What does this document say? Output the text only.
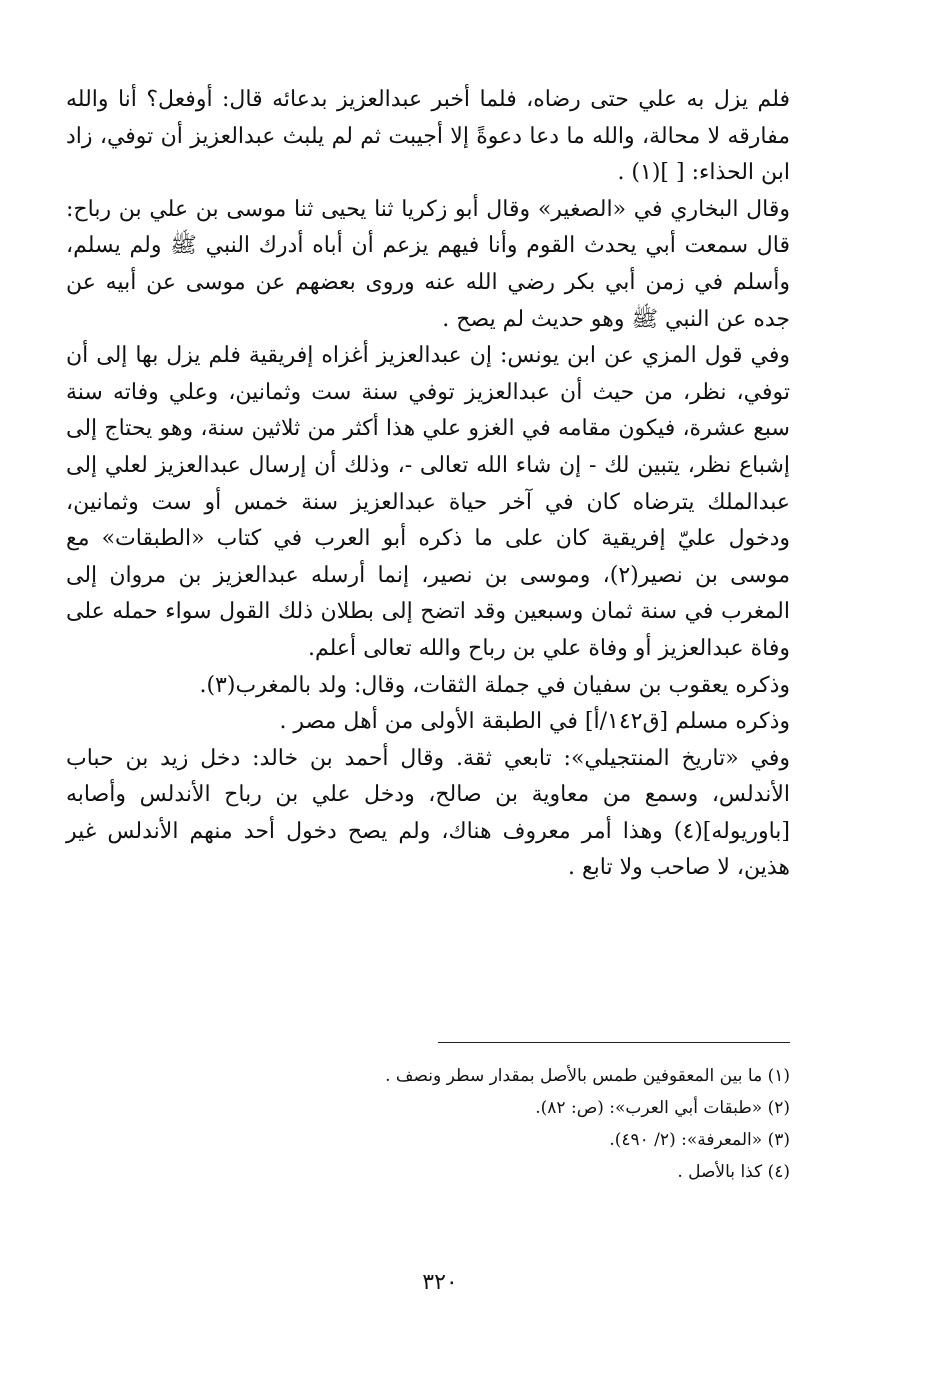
فلم يزل به علي حتى رضاه، فلما أخبر عبدالعزيز بدعائه قال: أوفعل؟ أنا والله مفارقه لا محالة، والله ما دعا دعوةً إلا أجيبت ثم لم يلبث عبدالعزيز أن توفي، زاد ابن الحذاء: [ ](١) .

وقال البخاري في «الصغير» وقال أبو زكريا ثنا يحيى ثنا موسى بن علي بن رباح: قال سمعت أبي يحدث القوم وأنا فيهم يزعم أن أباه أدرك النبي ﷺ ولم يسلم، وأسلم في زمن أبي بكر رضي الله عنه وروى بعضهم عن موسى عن أبيه عن جده عن النبي ﷺ وهو حديث لم يصح .

وفي قول المزي عن ابن يونس: إن عبدالعزيز أغزاه إفريقية فلم يزل بها إلى أن توفي، نظر، من حيث أن عبدالعزيز توفي سنة ست وثمانين، وعلي وفاته سنة سبع عشرة، فيكون مقامه في الغزو علي هذا أكثر من ثلاثين سنة، وهو يحتاج إلى إشباع نظر، يتبين لك - إن شاء الله تعالى -، وذلك أن إرسال عبدالعزيز لعلي إلى عبدالملك يترضاه كان في آخر حياة عبدالعزيز سنة خمس أو ست وثمانين، ودخول عليّ إفريقية كان على ما ذكره أبو العرب في كتاب «الطبقات» مع موسى بن نصير(٢)، وموسى بن نصير، إنما أرسله عبدالعزيز بن مروان إلى المغرب في سنة ثمان وسبعين وقد اتضح إلى بطلان ذلك القول سواء حمله على وفاة عبدالعزيز أو وفاة علي بن رباح والله تعالى أعلم.

وذكره يعقوب بن سفيان في جملة الثقات، وقال: ولد بالمغرب(٣).

وذكره مسلم [ق١٤٢/أ] في الطبقة الأولى من أهل مصر .

وفي «تاريخ المنتجيلي»: تابعي ثقة. وقال أحمد بن خالد: دخل زيد بن حباب الأندلس، وسمع من معاوية بن صالح، ودخل علي بن رباح الأندلس وأصابه [باوريوله](٤) وهذا أمر معروف هناك، ولم يصح دخول أحد منهم الأندلس غير هذين، لا صاحب ولا تابع .

(١) ما بين المعقوفين طمس بالأصل بمقدار سطر ونصف .
(٢) «طبقات أبي العرب»: (ص: ٨٢).
(٣) «المعرفة»: (٢/ ٤٩٠).
(٤) كذا بالأصل .
٣٢٠
